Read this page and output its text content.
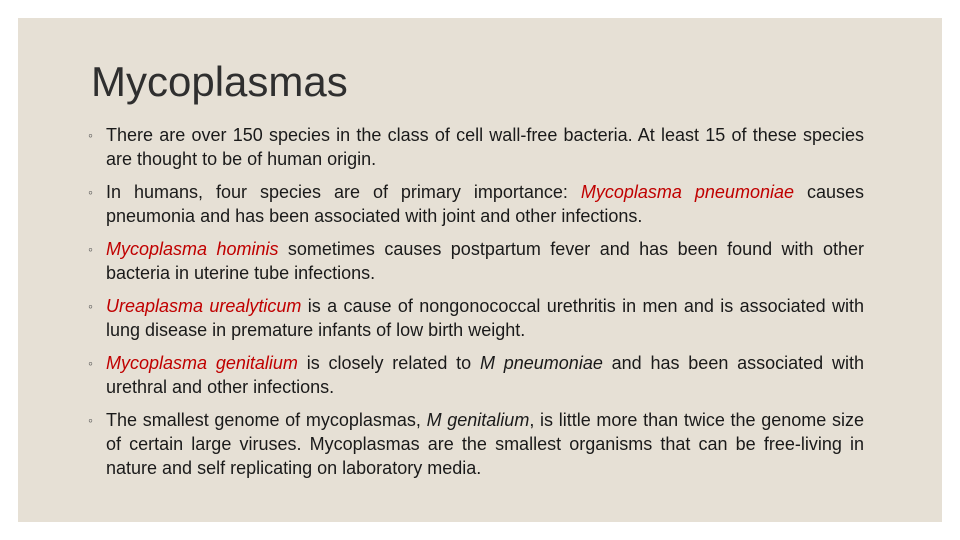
Mycoplasmas
◦ There are over 150 species in the class of cell wall-free bacteria. At least 15 of these species are thought to be of human origin.
◦ In humans, four species are of primary importance: Mycoplasma pneumoniae causes pneumonia and has been associated with joint and other infections.
◦ Mycoplasma hominis sometimes causes postpartum fever and has been found with other bacteria in uterine tube infections.
◦ Ureaplasma urealyticum is a cause of nongonococcal urethritis in men and is associated with lung disease in premature infants of low birth weight.
◦ Mycoplasma genitalium is closely related to M pneumoniae and has been associated with urethral and other infections.
◦ The smallest genome of mycoplasmas, M genitalium, is little more than twice the genome size of certain large viruses. Mycoplasmas are the smallest organisms that can be free-living in nature and self replicating on laboratory media.
